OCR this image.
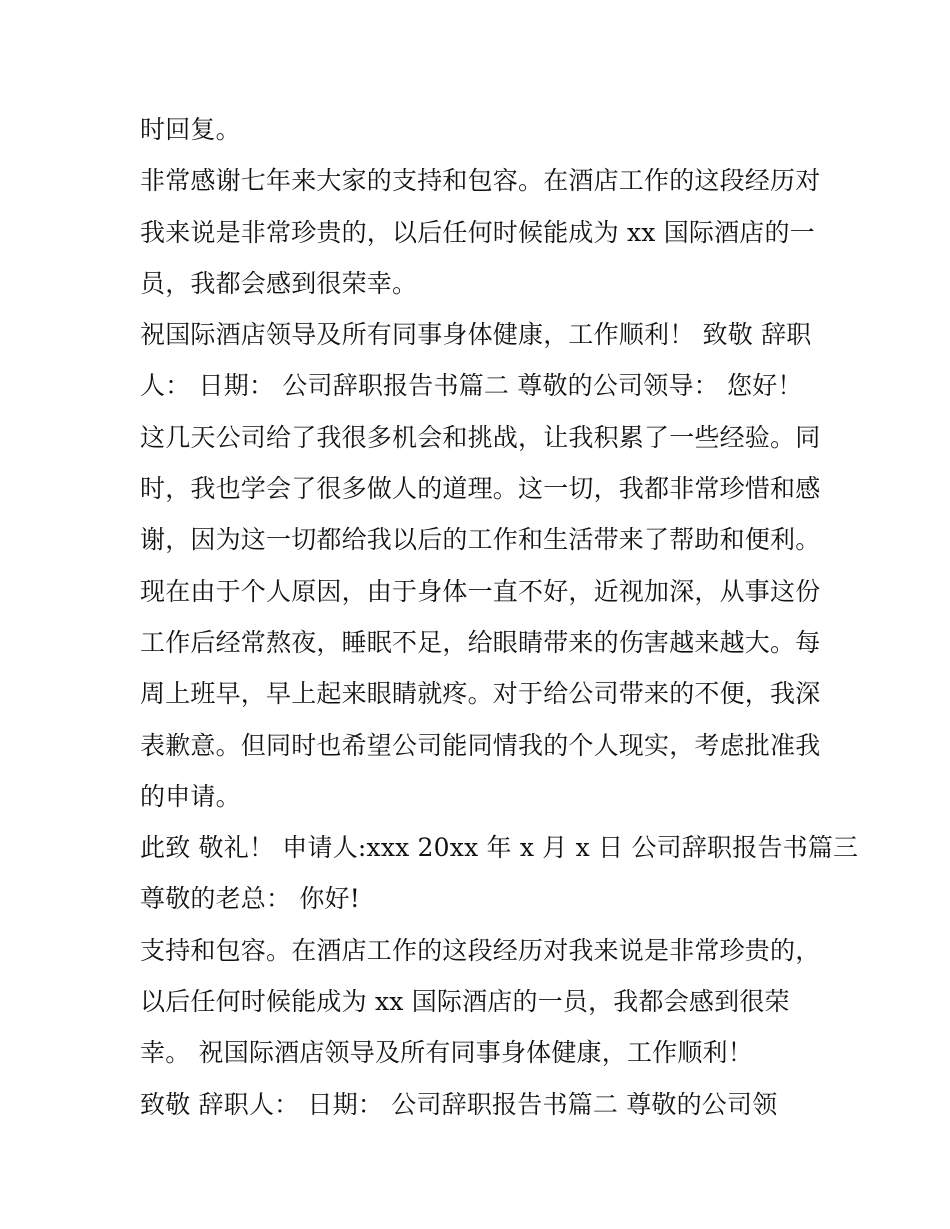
时回复。
非常感谢七年来大家的支持和包容。在酒店工作的这段经历对
我来说是非常珍贵的，以后任何时候能成为 xx 国际酒店的一
员，我都会感到很荣幸。
祝国际酒店领导及所有同事身体健康，工作顺利！ 致敬 辞职
人： 日期： 公司辞职报告书篇二 尊敬的公司领导： 您好！
这几天公司给了我很多机会和挑战，让我积累了一些经验。同
时，我也学会了很多做人的道理。这一切，我都非常珍惜和感
谢，因为这一切都给我以后的工作和生活带来了帮助和便利。
现在由于个人原因，由于身体一直不好，近视加深，从事这份
工作后经常熬夜，睡眠不足，给眼睛带来的伤害越来越大。每
周上班早，早上起来眼睛就疼。对于给公司带来的不便，我深
表歉意。但同时也希望公司能同情我的个人现实，考虑批准我
的申请。
此致 敬礼！ 申请人:xxx 20xx 年 x 月 x 日 公司辞职报告书篇三
尊敬的老总： 你好!
支持和包容。在酒店工作的这段经历对我来说是非常珍贵的，
以后任何时候能成为 xx 国际酒店的一员，我都会感到很荣
幸。 祝国际酒店领导及所有同事身体健康，工作顺利！
致敬 辞职人： 日期： 公司辞职报告书篇二 尊敬的公司领
